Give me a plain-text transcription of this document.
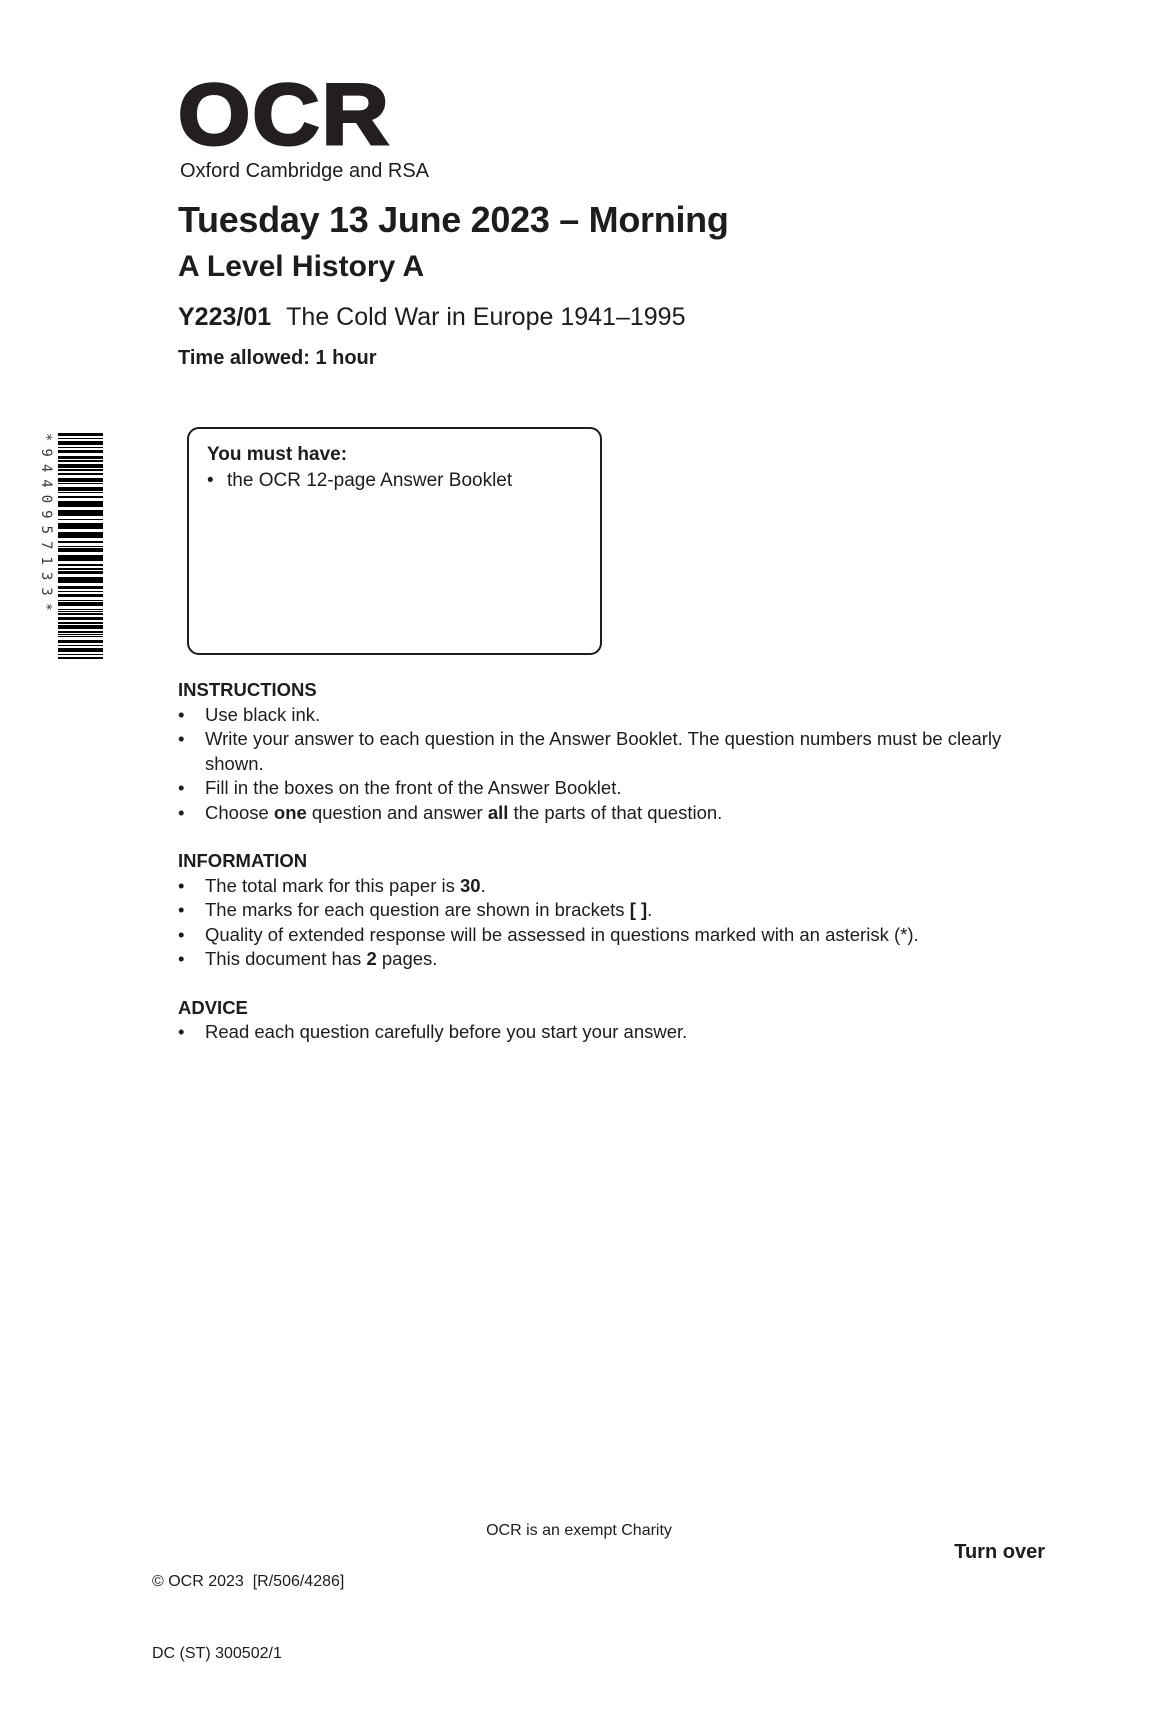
OCR
Oxford Cambridge and RSA
Tuesday 13 June 2023 – Morning
A Level History A
Y223/01 The Cold War in Europe 1941–1995
Time allowed: 1 hour
*9440957133*	You must have:
• the OCR 12-page Answer Booklet
INSTRUCTIONS
• Use black ink.
• Write your answer to each question in the Answer Booklet. The question numbers must be clearly shown.
• Fill in the boxes on the front of the Answer Booklet.
• Choose one question and answer all the parts of that question.
INFORMATION
• The total mark for this paper is 30.
• The marks for each question are shown in brackets [ ].
• Quality of extended response will be assessed in questions marked with an asterisk (*).
• This document has 2 pages.
ADVICE
• Read each question carefully before you start your answer.

© OCR 2023  [R/506/4286]

DC (ST) 300502/1

OCR is an exempt Charity
Turn over
